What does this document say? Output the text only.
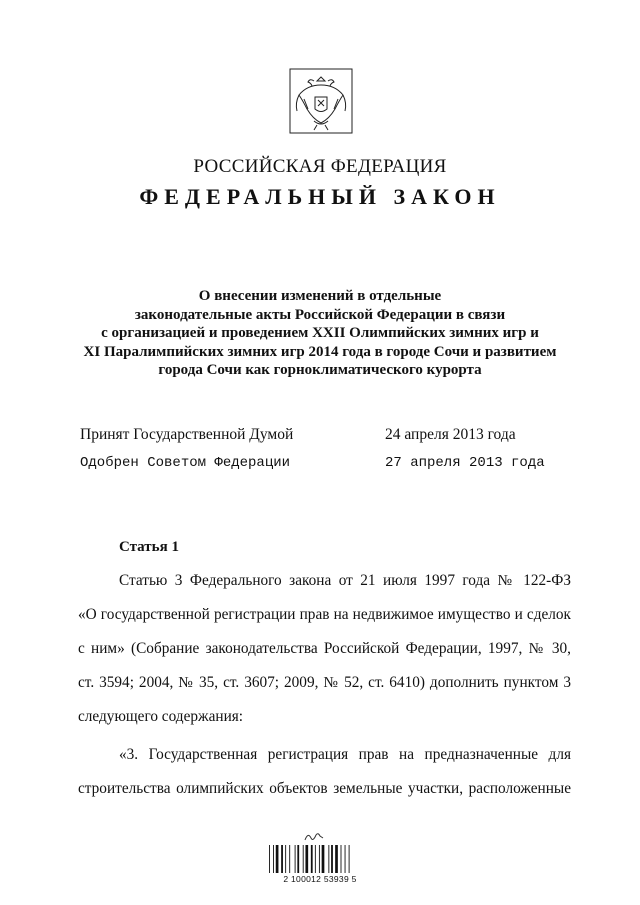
РОССИЙСКАЯ ФЕДЕРАЦИЯ
ФЕДЕРАЛЬНЫЙ ЗАКОН
О внесении изменений в отдельные
законодательные акты Российской Федерации в связи
с организацией и проведением XXII Олимпийских зимних игр и
XI Паралимпийских зимних игр 2014 года в городе Сочи и развитием
города Сочи как горноклиматического курорта
Принят Государственной Думой	24 апреля 2013 года
Одобрен Советом Федерации	27 апреля 2013 года
Статья 1
Статью 3 Федерального закона от 21 июля 1997 года № 122-ФЗ
«О государственной регистрации прав на недвижимое имущество и сделок
с ним» (Собрание законодательства Российской Федерации, 1997, № 30,
ст. 3594; 2004, № 35, ст. 3607; 2009, № 52, ст. 6410) дополнить пунктом 3
следующего содержания:
«3. Государственная регистрация прав на предназначенные для
строительства олимпийских объектов земельные участки, расположенные
2 100012 53939 5
